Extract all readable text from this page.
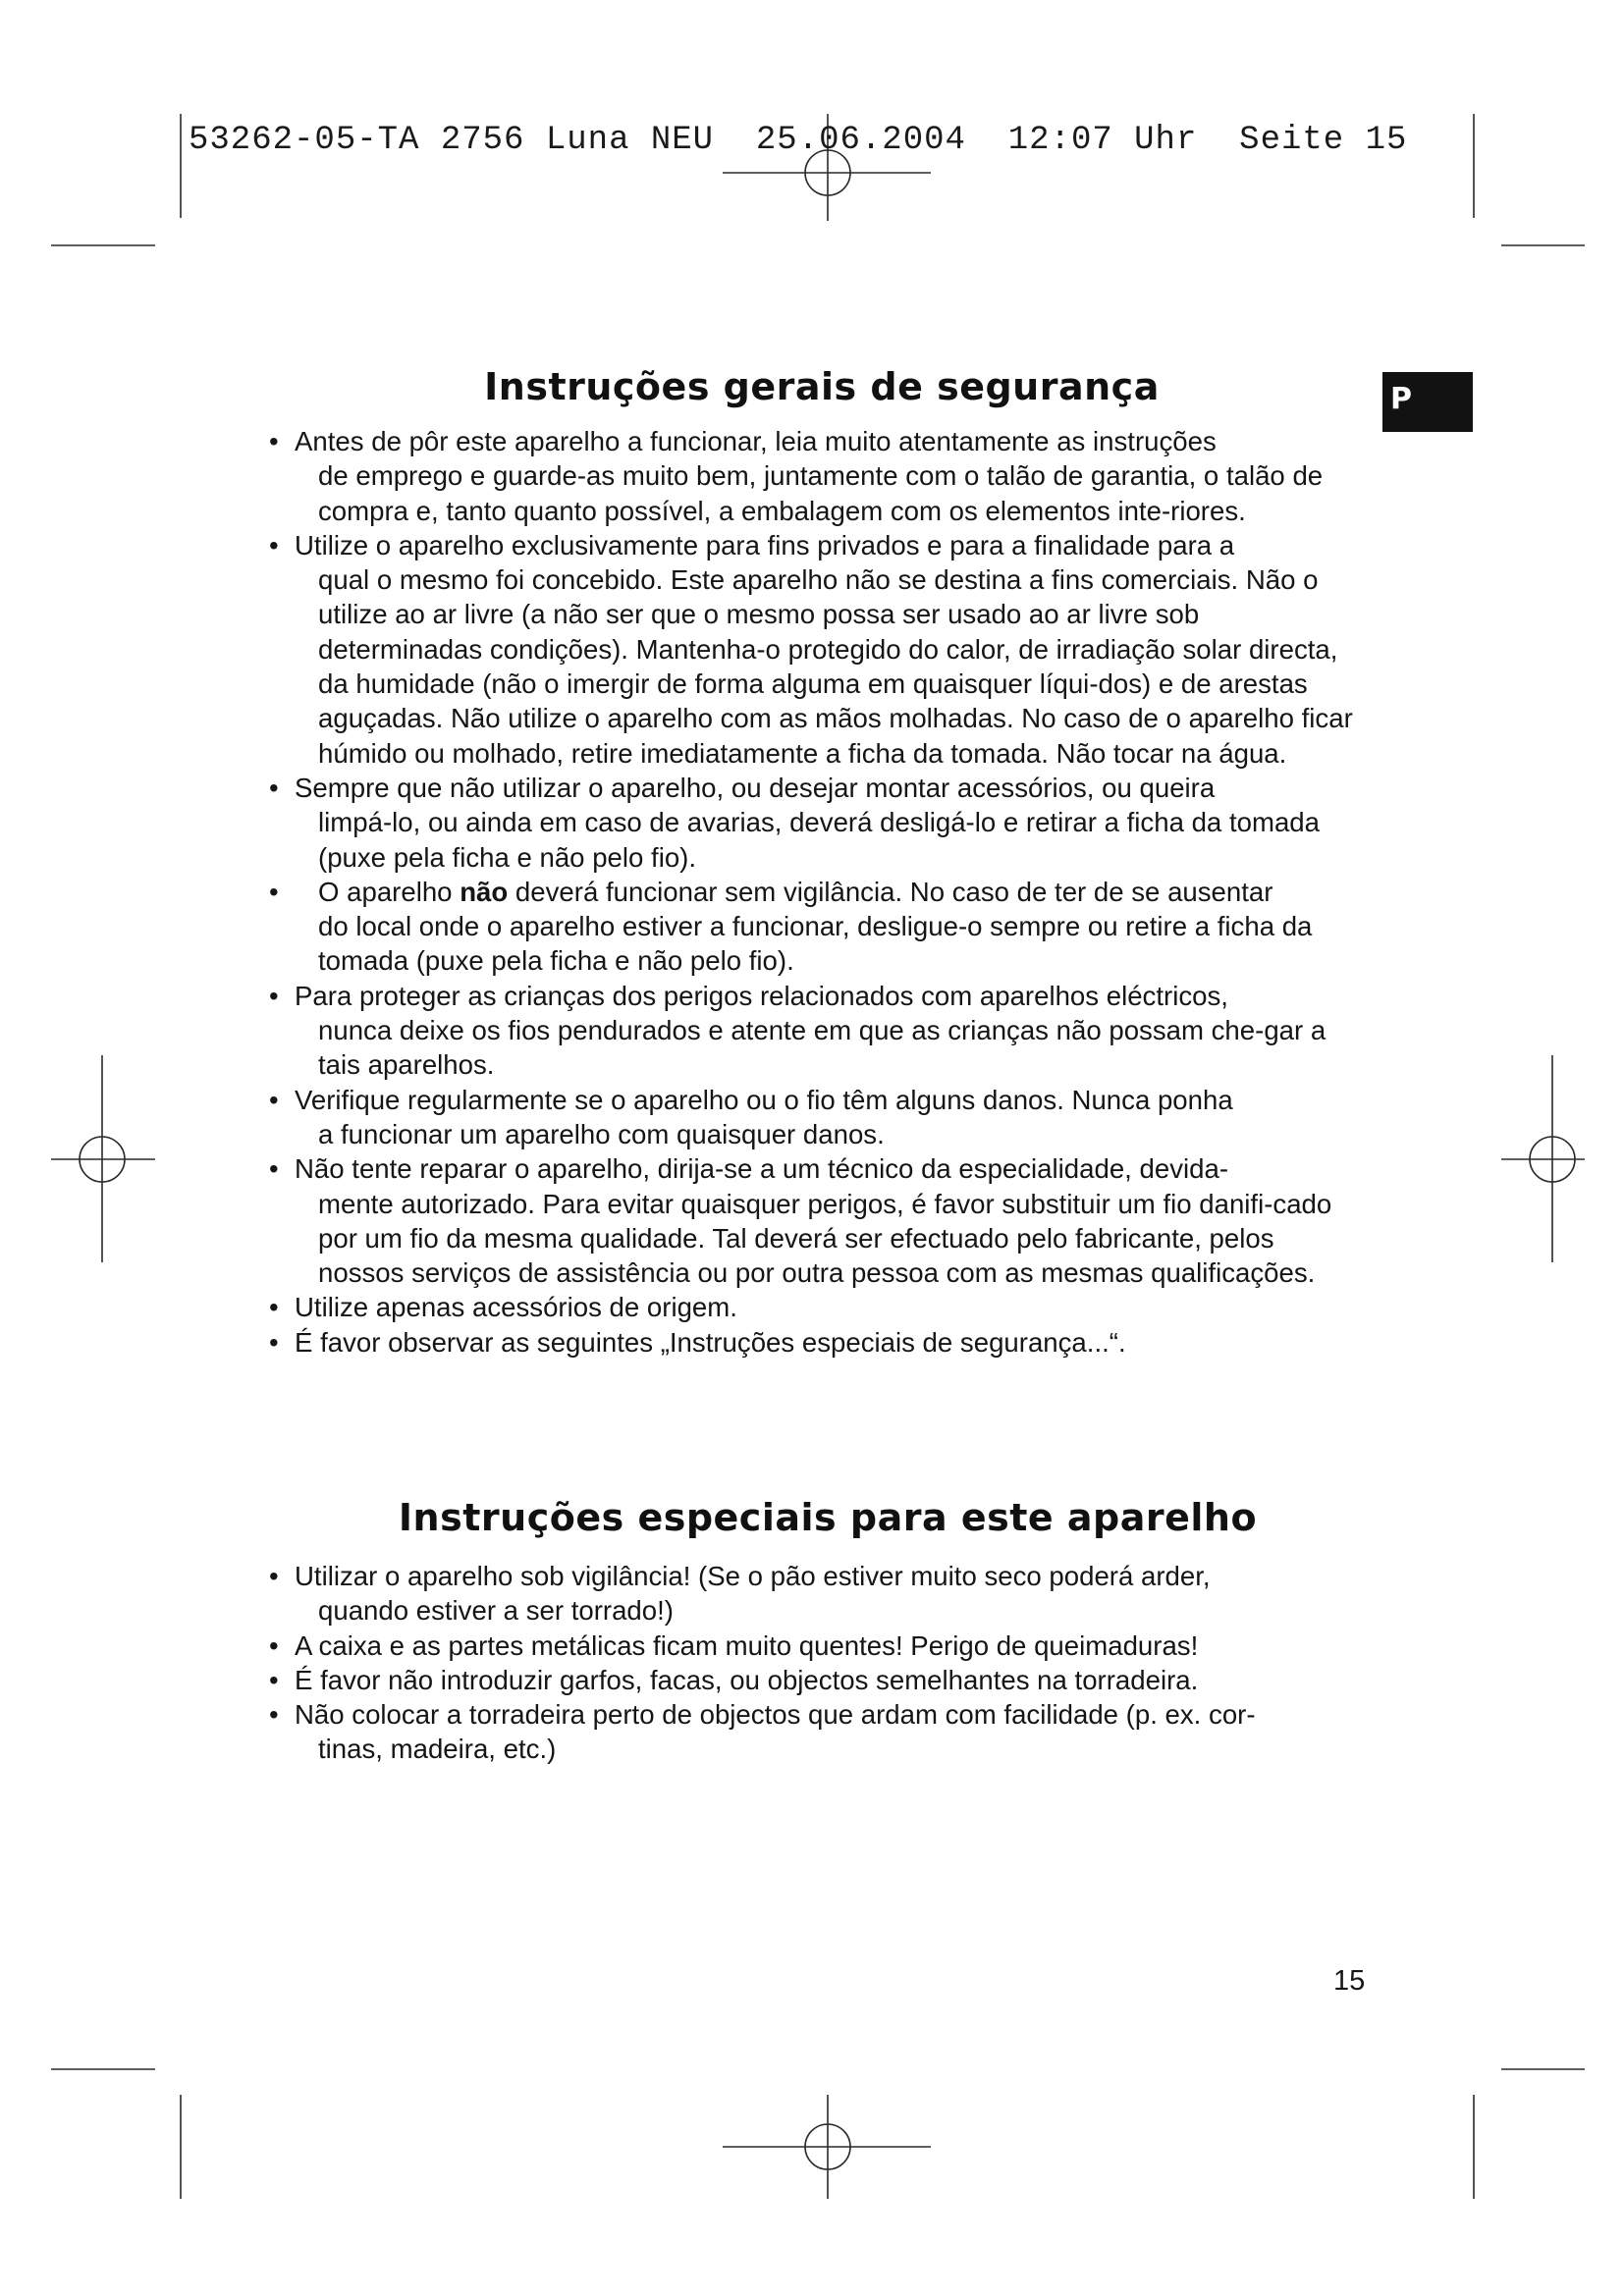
53262-05-TA 2756 Luna NEU  25.06.2004  12:07 Uhr  Seite 15
P
Instruções gerais de segurança
• Antes de pôr este aparelho a funcionar, leia muito atentamente as instruções
de emprego e guarde-as muito bem, juntamente com o talão de garantia, o talão de compra e, tanto quanto possível, a embalagem com os elementos inte-riores.
• Utilize o aparelho exclusivamente para fins privados e para a finalidade para a
qual o mesmo foi concebido. Este aparelho não se destina a fins comerciais. Não o utilize ao ar livre (a não ser que o mesmo possa ser usado ao ar livre sob determinadas condições). Mantenha-o protegido do calor, de irradiação solar directa, da humidade (não o imergir de forma alguma em quaisquer líqui-dos) e de arestas aguçadas. Não utilize o aparelho com as mãos molhadas. No caso de o aparelho ficar húmido ou molhado, retire imediatamente a ficha da tomada. Não tocar na água.
• Sempre que não utilizar o aparelho, ou desejar montar acessórios, ou queira
limpá-lo, ou ainda em caso de avarias, deverá desligá-lo e retirar a ficha da tomada (puxe pela ficha e não pelo fio).
• O aparelho não deverá funcionar sem vigilância. No caso de ter de se ausentar
do local onde o aparelho estiver a funcionar, desligue-o sempre ou retire a ficha da tomada (puxe pela ficha e não pelo fio).
• Para proteger as crianças dos perigos relacionados com aparelhos eléctricos,
nunca deixe os fios pendurados e atente em que as crianças não possam che-gar a tais aparelhos.
• Verifique regularmente se o aparelho ou o fio têm alguns danos. Nunca ponha
a funcionar um aparelho com quaisquer danos.
• Não tente reparar o aparelho, dirija-se a um técnico da especialidade, devida-
mente autorizado. Para evitar quaisquer perigos, é favor substituir um fio danifi-cado por um fio da mesma qualidade. Tal deverá ser efectuado pelo fabricante, pelos nossos serviços de assistência ou por outra pessoa com as mesmas qualificações.
• Utilize apenas acessórios de origem.
• É favor observar as seguintes „Instruções especiais de segurança...“.
Instruções especiais para este aparelho
• Utilizar o aparelho sob vigilância! (Se o pão estiver muito seco poderá arder,
quando estiver a ser torrado!)
• A caixa e as partes metálicas ficam muito quentes! Perigo de queimaduras!
• É favor não introduzir garfos, facas, ou objectos semelhantes na torradeira.
• Não colocar a torradeira perto de objectos que ardam com facilidade (p. ex. cor-
tinas, madeira, etc.)
15
